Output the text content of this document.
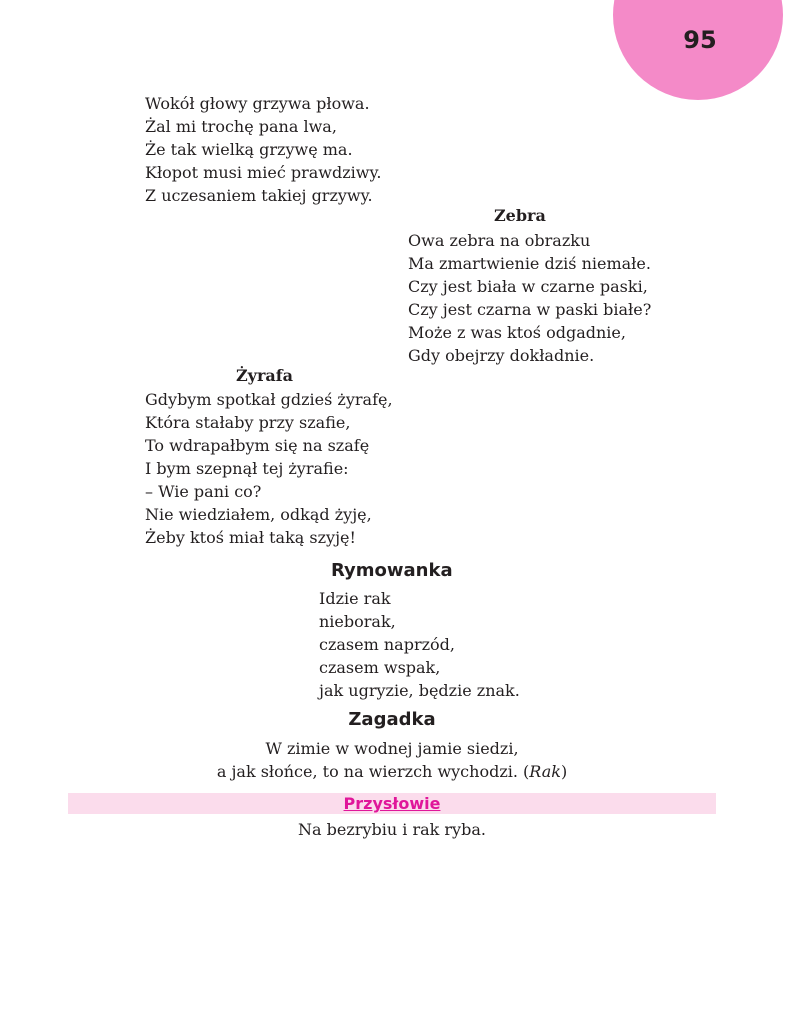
95
Wokół głowy grzywa płowa.
Żal mi trochę pana lwa,
Że tak wielką grzywę ma.
Kłopot musi mieć prawdziwy.
Z uczesaniem takiej grzywy.
Zebra
Owa zebra na obrazku
Ma zmartwienie dziś niemałe.
Czy jest biała w czarne paski,
Czy jest czarna w paski białe?
Może z was ktoś odgadnie,
Gdy obejrzy dokładnie.
Żyrafa
Gdybym spotkał gdzieś żyrafę,
Która stałaby przy szafie,
To wdrapałbym się na szafę
I bym szepnął tej żyrafie:
– Wie pani co?
Nie wiedziałem, odkąd żyję,
Żeby ktoś miał taką szyję!
Rymowanka
Idzie rak
nieborak,
czasem naprzód,
czasem wspak,
jak ugryzie, będzie znak.
Zagadka
W zimie w wodnej jamie siedzi,
a jak słońce, to na wierzch wychodzi. (Rak)
Przysłowie
Na bezrybiu i rak ryba.
